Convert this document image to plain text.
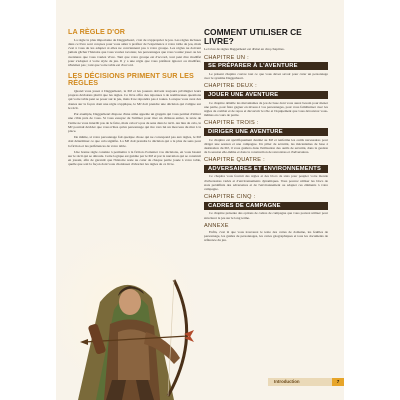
LA RÈGLE D'OR

La règle la plus importante de Daggerheart, c'est de s'approprier le jeu. Les règles incluses dans ce livre sont conçues pour vous aider à profiter de l'expérience à votre table de jeu, mais c'est à vous de les adapter si elles ne conviennent pas à votre groupe. Les règles ne doivent jamais gâcher l'histoire que vous voulez raconter, les personnages que vous voulez jouer ou les aventures que vous voulez vivre. Tant que votre groupe est d'accord, tout peut être modifié pour s'adapter à votre style de jeu. Il y a une règle que vous préférez ignorer ou modifier, n'hésitez pas ; tant que votre table est d'accord.

LES DÉCISIONS PRIMENT SUR LES RÈGLES

Quand vous jouez à Daggerheart, le MJ et les joueurs doivent toujours privilégier leurs propres décisions plutôt que les règles. Ce livre offre des réponses à de nombreuses questions qui votre table peut se poser sur le jeu, mais il ne répondra pas à toutes. Lorsque vous avez des doutes sur la façon dont une règle s'applique, le MJ doit prendre une décision qui s'aligne sur le récit.

Par exemple, Daggerheart dispose d'une arme appelée un grappin qui vous permet d'attirer une cible près de vous. Si vous essayez de l'utiliser pour tirer un château entier, le texte de l'arme ne vous interdit pas de le faire, mais cela n'a pas de sens dans le récit. Au lieu de cela, le MJ pourrait décider que vous n'êtes qu'un personnage qui tire vers lui un morceau du mur à la place.

De même, si votre personnage fait quelque chose qui ne correspond pas aux règles, le MJ doit déterminer ce que cela signifie. La MJ doit prendre la décision qui a le plus de sens pour la fiction et les préférences de votre table.

Une bonne règle consiste à permettre à la fiction d'orienter vos décisions, en vous basant sur le récit qui se déroule. Cette logique est guidée par le MJ et par la narration qui se construit en jouant, afin de garantir que l'histoire reste au cœur de chaque partie jouée à votre table, quelle que soit la façon dont vous choisissez d'aborder les règles de ce livre.

COMMENT UTILISER CE LIVRE?

Le Livre de règles Daggerheart est divisé en cinq chapitres.

CHAPITRE UN :
SE PRÉPARER À L'AVENTURE

Le présent chapitre couvre tout ce que vous devez savoir pour créer un personnage avec le système Daggerheart.

CHAPITRE DEUX :
JOUER UNE AVENTURE

Ce chapitre détaille les mécanismes de jeu de base dont vous aurez besoin pour mener une partie, pour faire gagner en niveau à vos personnages, pour vous familiariser avec les règles de combat et de repos et découvrir le rôle et l'équipement que vous découvrez vous-mêmes en cours de partie.

CHAPITRE TROIS :
DIRIGER UNE AVENTURE

Ce chapitre est spécifiquement destiné au MJ et renferme les outils nécessaires pour diriger une session et une campagne. Un pilier de sécurité, les mécanismes de base à destination du MJ, il vous guidera dans l'utilisation des outils de sécurité, dans la gestion de la session elle-même et dans la construction de rencontres et d'adversaires.

CHAPITRE QUATRE :
ADVERSAIRES ET ENVIRONNEMENTS

Ce chapitre vous fournit des règles et des blocs de stats pour peupler votre monde d'adversaires variés et d'environnements dynamiques. Vous pouvez utiliser les blocs de stats prédéfinis des adversaires et de l'environnement ou adapter ces éléments à votre campagne.

CHAPITRE CINQ :
CADRES DE CAMPAGNE

Ce chapitre présente des options de cadres de campagne que vous pouvez utiliser pour structurer le jeu sur le long terme.

ANNEXE

Enfin, c'est là que vous trouverez le texte des cartes de domaine, les feuilles de personnage, les guides de personnages, les cartes géographiques et tous les documents de référence du jeu.

Introduction	7
